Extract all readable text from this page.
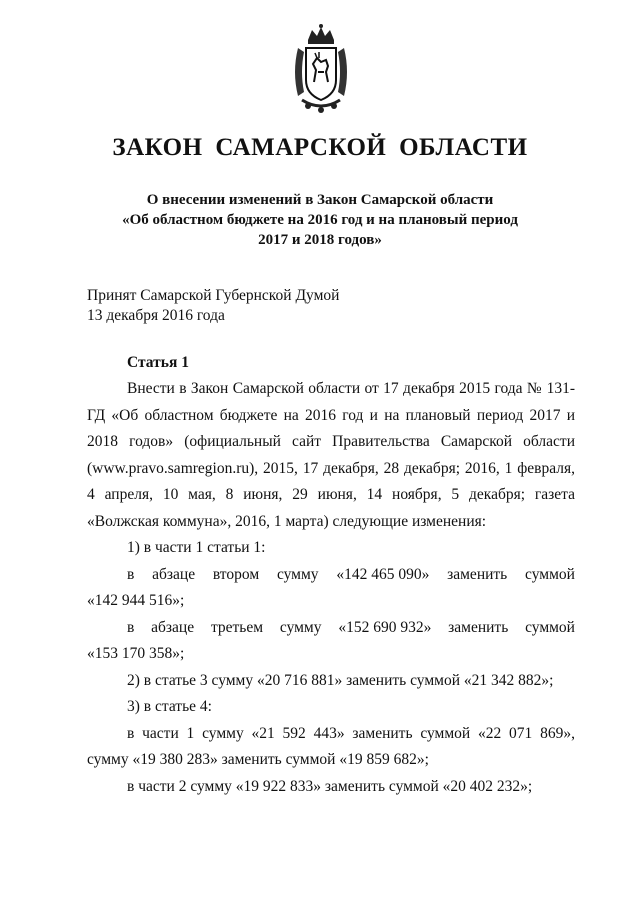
ЗАКОН САМАРСКОЙ ОБЛАСТИ
О внесении изменений в Закон Самарской области
«Об областном бюджете на 2016 год и на плановый период
2017 и 2018 годов»
Принят Самарской Губернской Думой
13 декабря 2016 года
Статья 1

Внести в Закон Самарской области от 17 декабря 2015 года № 131-ГД «Об областном бюджете на 2016 год и на плановый период 2017 и 2018 годов» (официальный сайт Правительства Самарской области (www.pravo.samregion.ru), 2015, 17 декабря, 28 декабря; 2016, 1 февраля, 4 апреля, 10 мая, 8 июня, 29 июня, 14 ноября, 5 декабря; газета «Волжская коммуна», 2016, 1 марта) следующие изменения:

1) в части 1 статьи 1:

в абзаце втором сумму «142 465 090» заменить суммой

«142 944 516»;

в абзаце третьем сумму «152 690 932» заменить суммой

«153 170 358»;

2) в статье 3 сумму «20 716 881» заменить суммой «21 342 882»;

3) в статье 4:

в части 1 сумму «21 592 443» заменить суммой «22 071 869», сумму «19 380 283» заменить суммой «19 859 682»;

в части 2 сумму «19 922 833» заменить суммой «20 402 232»;
